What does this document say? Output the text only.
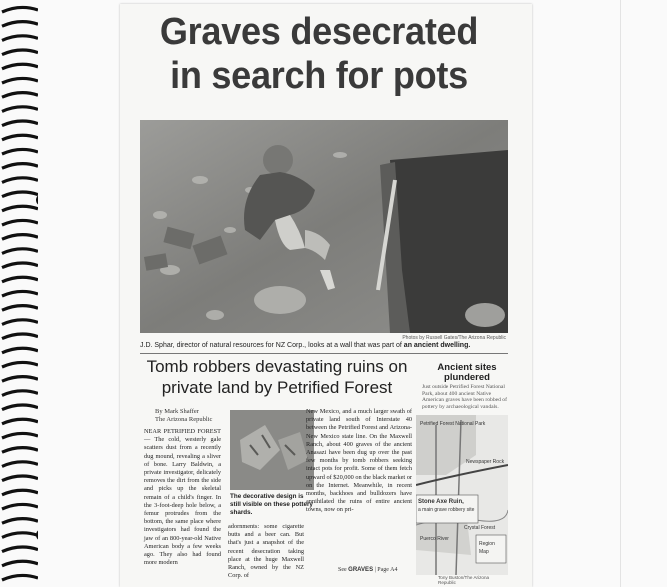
Graves desecrated in search for pots
Photos by Russell Gates/The Arizona Republic
J.D. Sphar, director of natural resources for NZ Corp., looks at a wall that was part of an ancient dwelling.
Tomb robbers devastating ruins on private land by Petrified Forest
By Mark Shaffer
The Arizona Republic
NEAR PETRIFIED FOREST — The cold, westerly gale scatters dust from a recently dug mound, revealing a sliver of bone. Larry Baldwin, a private investigator, delicately removes the dirt from the side and picks up the skeletal remain of a child's finger. In the 3-foot-deep hole below, a femur protrudes from the bottom, the same place where investigators had found the jaw of an 800-year-old Native American body a few weeks ago. They also had found more modern
The decorative design is still visible on these pottery shards.
adornments: some cigarette butts and a beer can. But that's just a snapshot of the recent desecration taking place at the huge Maxwell Ranch, owned by the NZ Corp. of
New Mexico, and a much larger swath of private land south of Interstate 40 between the Petrified Forest and Arizona-New Mexico state line. On the Maxwell Ranch, about 400 graves of the ancient Anasazi have been dug up over the past few months by tomb robbers seeking intact pots for profit. Some of them fetch upward of $20,000 on the black market or on the Internet. Meanwhile, in recent months, backhoes and bulldozers have annihilated the ruins of entire ancient towns, now on pri-
See GRAVES | Page A4
Ancient sites plundered
Just outside Petrified Forest National Park, about 400 ancient Native American graves have been robbed of pottery by archaeological vandals.
Petrified Forest National Park
Newspaper Rock
Stone Axe Ruin,
a main grave robbery site
Crystal Forest
Puerco River
Region
Map
Tony Buston/The Arizona Republic
